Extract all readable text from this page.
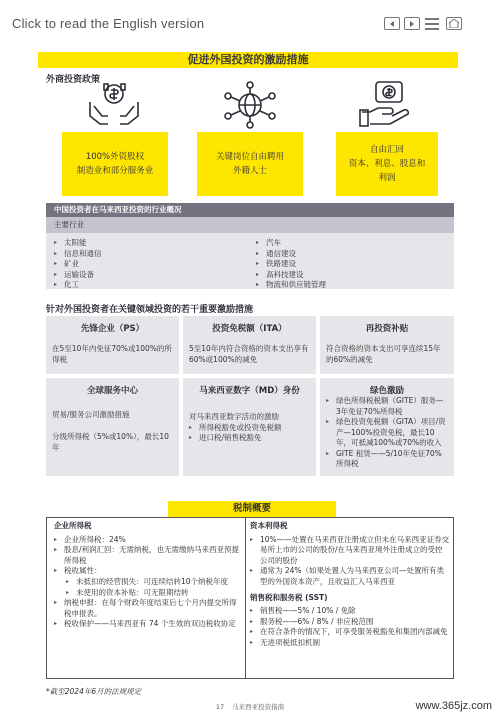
Click to read the English version
促进外国投资的激励措施
外商投资政策
100%外资股权
制造业和部分服务业
关键岗位自由聘用
外籍人士
自由汇回
资本、利息、股息和
利润
中国投资者在马来西亚投资的行业概况
主要行业
▸ 太阳能
▸ 信息和通信
▸ 矿业
▸ 运输设备
▸ 化工
▸ 汽车
▸ 通信建设
▸ 铁路建设
▸ 高科技建设
▸ 物流和供应链管理
针对外国投资者在关键领域投资的若干重要激励措施
先锋企业（PS）
在5至10年内免征70%或100%的所得税
投资免税额（ITA）
5至10年内符合资格的资本支出享有60%或100%的减免
再投资补贴
符合资格的资本支出可享连续15年的60%的减免
全球服务中心
贸易/服务公司激励措施
分级所得税（5%或10%），最长10年
马来西亚数字（MD）身份
对马来西亚数字活动的激励
▸ 所得税豁免或投资免税额
▸ 进口税/销售税豁免
绿色激励
▸ 绿色所得税税额（GITE）服务—3年免征70%所得税
▸ 绿色投资免税额（GITA）项目/资产—100%投资免税，最长10年，可抵减100%或70%的收入
▸ GITE 租赁——5/10年免征70%所得税
税制概要
企业所得税
▸ 企业所得税：24%
▸ 股息/利润汇回：无需纳税，也无需缴纳马来西亚预提所得税
▸ 税收属性：
▸ 未抵扣的经营损失：可连续结转10个纳税年度
▸ 未使用的资本补贴：可无限期结转
▸ 纳税申报：在每个财政年度结束后七个月内提交所得税申报表。
▸ 税收保护——马来西亚有 74 个生效的双边税收协定
资本利得税
▸ 10%——处置在马来西亚注册成立但未在马来西亚证券交易所上市的公司的股份/在马来西亚境外注册成立的受控公司的股份
▸ 通常为 24%（如果处置人为马来西亚公司—处置所有类型的外国资本资产，且收益汇入马来西亚
销售税和服务税 (SST)
▸ 销售税——5% / 10% / 免除
▸ 服务税——6% / 8% / 非应税范围
▸ 在符合条件的情况下，可享受服务税豁免和集团内部减免
▸ 无进项税抵扣机制
*截至2024年6月的法规规定
17 马来西亚投资指南	www.365jz.com
